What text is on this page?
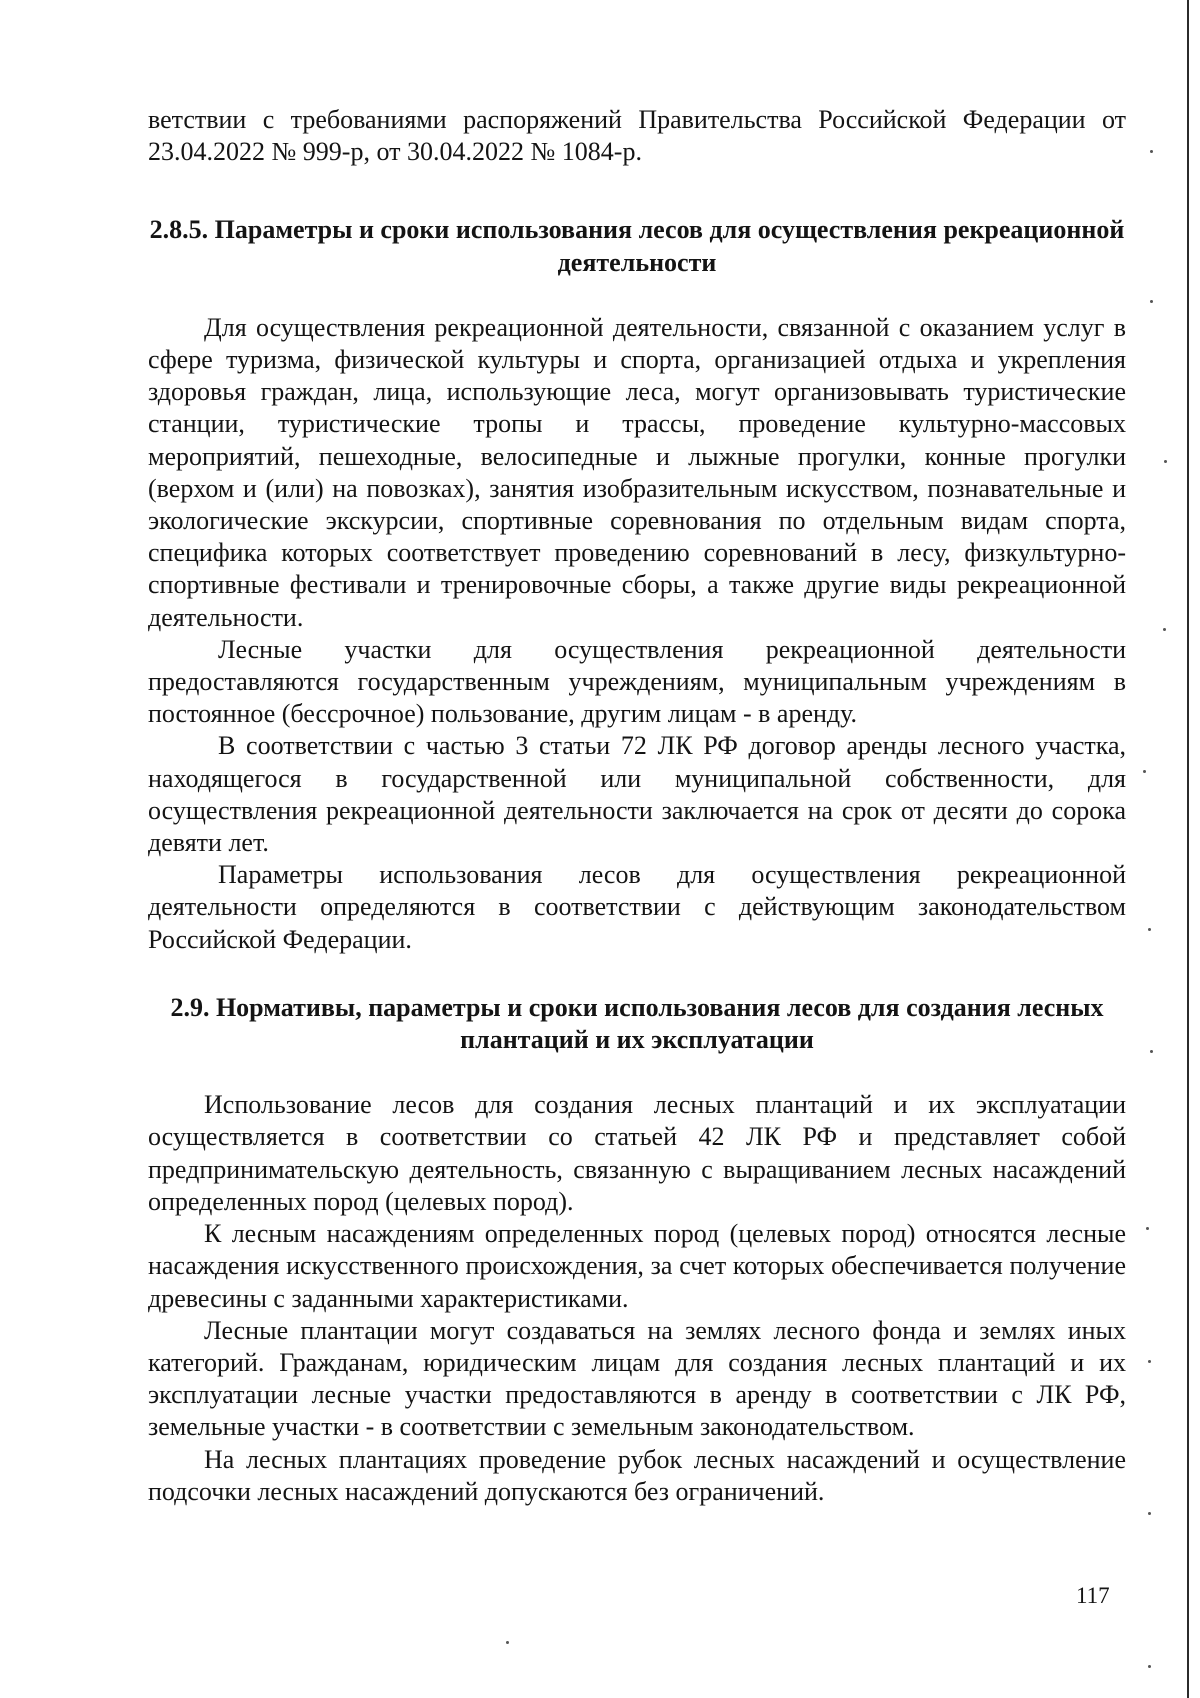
ветствии с требованиями распоряжений Правительства Российской Федерации от 23.04.2022 № 999-р, от 30.04.2022 № 1084-р.

2.8.5. Параметры и сроки использования лесов для осуществления рекреационной деятельности

Для осуществления рекреационной деятельности, связанной с оказанием услуг в сфере туризма, физической культуры и спорта, организацией отдыха и укрепления здоровья граждан, лица, использующие леса, могут организовывать туристические станции, туристические тропы и трассы, проведение культурно-массовых мероприятий, пешеходные, велосипедные и лыжные прогулки, конные прогулки (верхом и (или) на повозках), занятия изобразительным искусством, познавательные и экологические экскурсии, спортивные соревнования по отдельным видам спорта, специфика которых соответствует проведению соревнований в лесу, физкультурно-спортивные фестивали и тренировочные сборы, а также другие виды рекреационной деятельности.

Лесные участки для осуществления рекреационной деятельности предоставляются государственным учреждениям, муниципальным учреждениям в постоянное (бессрочное) пользование, другим лицам - в аренду.

В соответствии с частью 3 статьи 72 ЛК РФ договор аренды лесного участка, находящегося в государственной или муниципальной собственности, для осуществления рекреационной деятельности заключается на срок от десяти до сорока девяти лет.

Параметры использования лесов для осуществления рекреационной деятельности определяются в соответствии с действующим законодательством Российской Федерации.

2.9. Нормативы, параметры и сроки использования лесов для создания лесных плантаций и их эксплуатации

Использование лесов для создания лесных плантаций и их эксплуатации осуществляется в соответствии со статьей 42 ЛК РФ и представляет собой предпринимательскую деятельность, связанную с выращиванием лесных насаждений определенных пород (целевых пород).

К лесным насаждениям определенных пород (целевых пород) относятся лесные насаждения искусственного происхождения, за счет которых обеспечивается получение древесины с заданными характеристиками.

Лесные плантации могут создаваться на землях лесного фонда и землях иных категорий. Гражданам, юридическим лицам для создания лесных плантаций и их эксплуатации лесные участки предоставляются в аренду в соответствии с ЛК РФ, земельные участки - в соответствии с земельным законодательством.

На лесных плантациях проведение рубок лесных насаждений и осуществление подсочки лесных насаждений допускаются без ограничений.

117
